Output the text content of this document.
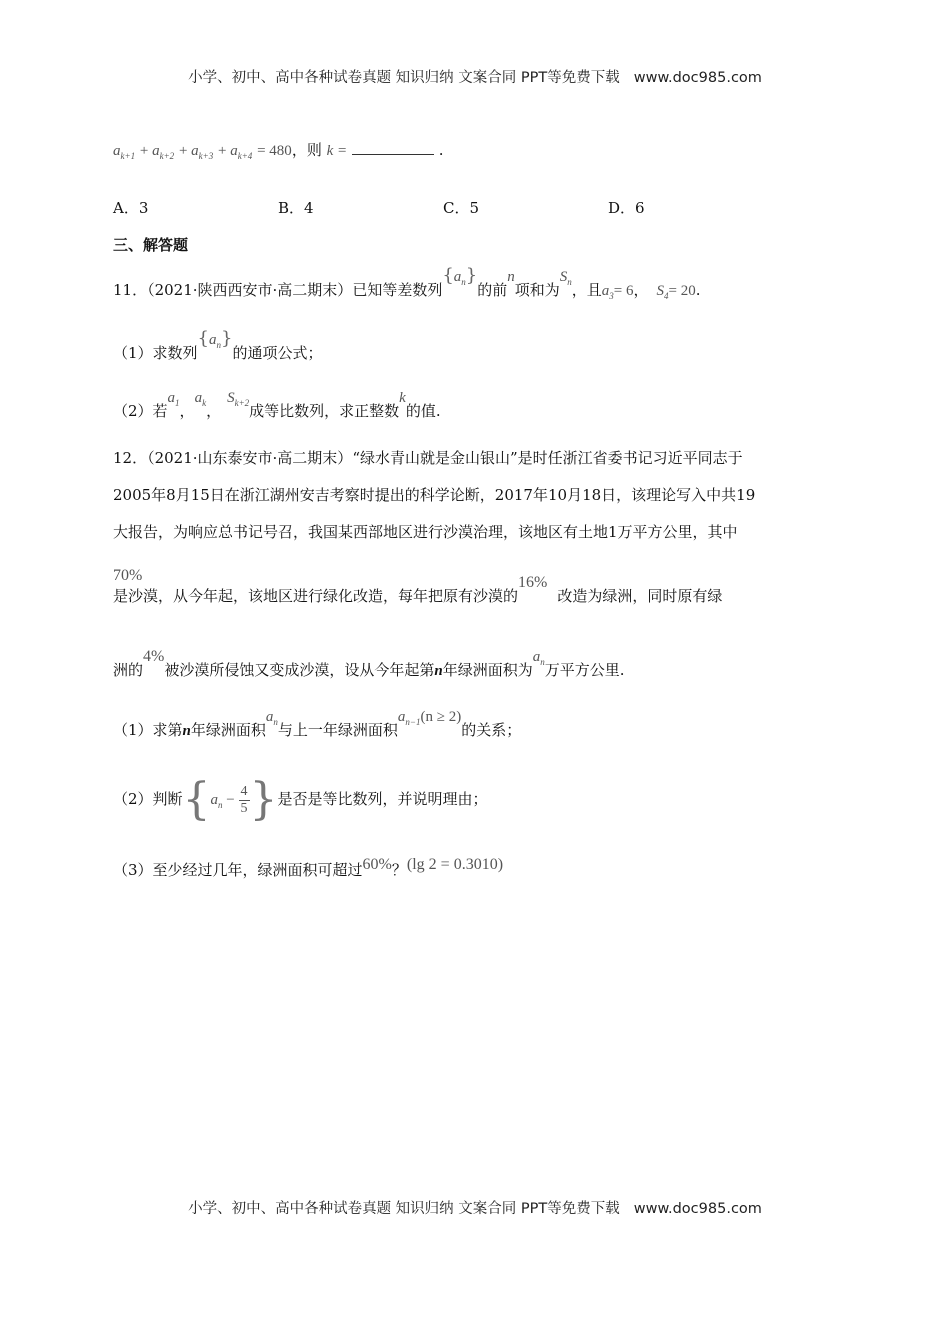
小学、初中、高中各种试卷真题 知识归纳 文案合同 PPT等免费下载 www.doc985.com
$a_{k+1} + a_{k+2} + a_{k+3} + a_{k+4} = 480$，则 k =	.
A．3	B．4	C．5	D．6
三、解答题
11．（2021·陕西西安市·高二期末）已知等差数列$\{a_n\}$的前n项和为$S_n$，且$a_3= 6$， $S_4= 20$.
（1）求数列$\{a_n\}$的通项公式；
（2）若$a_1$，$a_k$，$S_{k+2}$成等比数列，求正整数k的值.
12．（2021·山东泰安市·高二期末）“绿水青山就是金山银山”是时任浙江省委书记习近平同志于
2005年8月15日在浙江湖州安吉考察时提出的科学论断，2017年10月18日，该理论写入中共19
大报告，为响应总书记号召，我国某西部地区进行沙漠治理，该地区有土地1万平方公里，其中
70%
是沙漠，从今年起，该地区进行绿化改造，每年把原有沙漠的16%改造为绿洲，同时原有绿
洲的4%被沙漠所侵蚀又变成沙漠，设从今年起第n年绿洲面积为$a_n$万平方公里.
（1）求第n年绿洲面积$a_n$与上一年绿洲面积$a_{n-1}(n \ge 2)$的关系；
（2）判断{$a_n - \frac{4}{5}$ }是否是等比数列，并说明理由；
（3）至少经过几年，绿洲面积可超过60%？(lg 2 = 0.3010)
小学、初中、高中各种试卷真题 知识归纳 文案合同 PPT等免费下载 www.doc985.com
